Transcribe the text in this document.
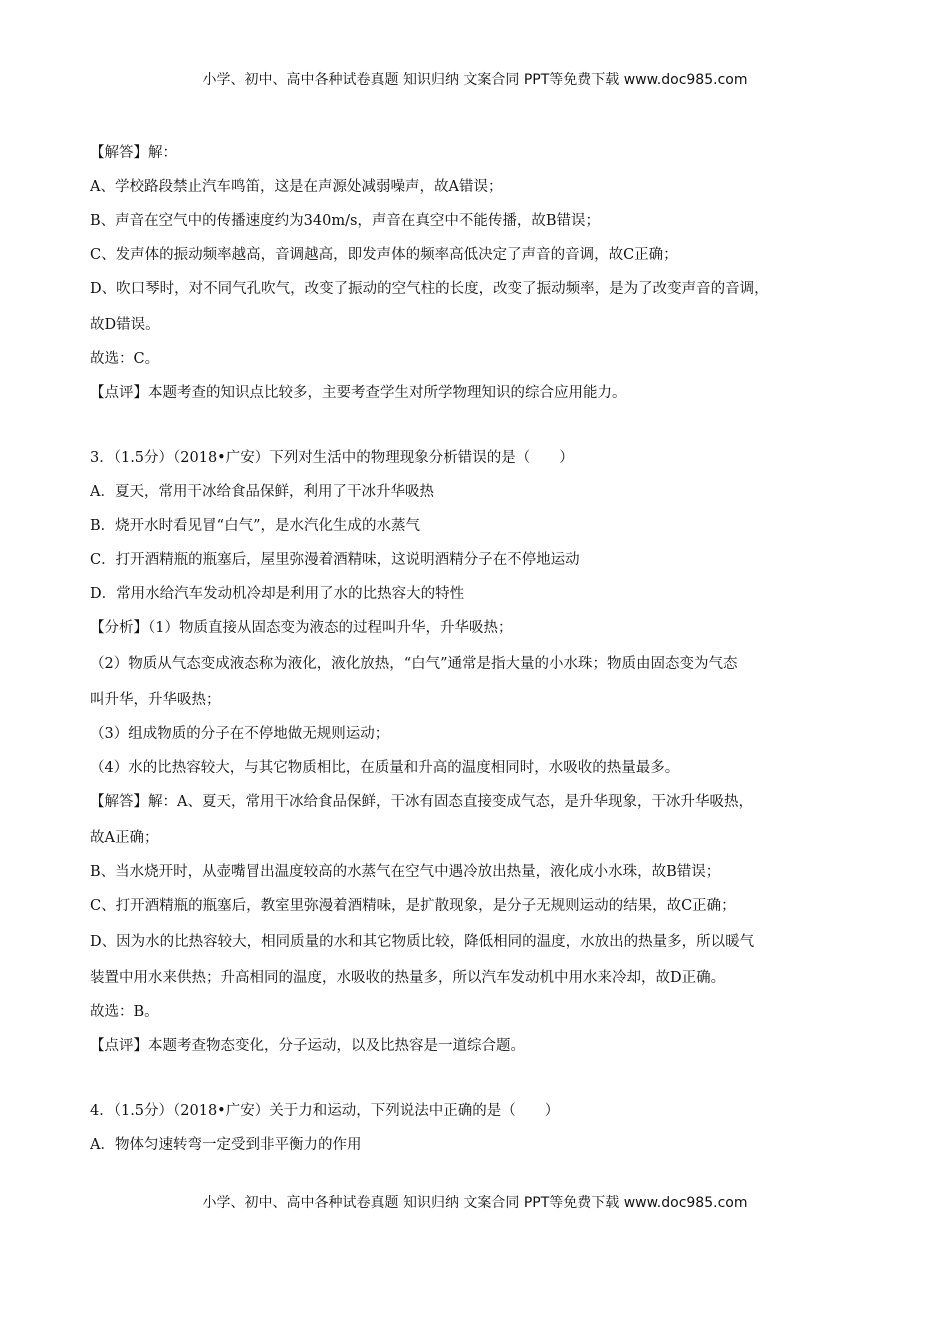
小学、初中、高中各种试卷真题 知识归纳 文案合同 PPT等免费下载 www.doc985.com
【解答】解：
A、学校路段禁止汽车鸣笛，这是在声源处减弱噪声，故A错误；
B、声音在空气中的传播速度约为340m/s，声音在真空中不能传播，故B错误；
C、发声体的振动频率越高，音调越高，即发声体的频率高低决定了声音的音调，故C正确；
D、吹口琴时，对不同气孔吹气，改变了振动的空气柱的长度，改变了振动频率，是为了改变声音的音调，
故D错误。
故选：C。
【点评】本题考查的知识点比较多，主要考查学生对所学物理知识的综合应用能力。
3．（1.5分）（2018•广安）下列对生活中的物理现象分析错误的是（　　）
A．夏天，常用干冰给食品保鲜，利用了干冰升华吸热
B．烧开水时看见冒“白气”，是水汽化生成的水蒸气
C．打开酒精瓶的瓶塞后，屋里弥漫着酒精味，这说明酒精分子在不停地运动
D．常用水给汽车发动机冷却是利用了水的比热容大的特性
【分析】（1）物质直接从固态变为液态的过程叫升华，升华吸热；
（2）物质从气态变成液态称为液化，液化放热，“白气”通常是指大量的小水珠；物质由固态变为气态
叫升华，升华吸热；
（3）组成物质的分子在不停地做无规则运动；
（4）水的比热容较大，与其它物质相比，在质量和升高的温度相同时，水吸收的热量最多。
【解答】解：A、夏天，常用干冰给食品保鲜，干冰有固态直接变成气态，是升华现象，干冰升华吸热，
故A正确；
B、当水烧开时，从壶嘴冒出温度较高的水蒸气在空气中遇冷放出热量，液化成小水珠，故B错误；
C、打开酒精瓶的瓶塞后，教室里弥漫着酒精味，是扩散现象，是分子无规则运动的结果，故C正确；
D、因为水的比热容较大，相同质量的水和其它物质比较，降低相同的温度，水放出的热量多，所以暖气
装置中用水来供热；升高相同的温度，水吸收的热量多，所以汽车发动机中用水来冷却，故D正确。
故选：B。
【点评】本题考查物态变化，分子运动，以及比热容是一道综合题。
4．（1.5分）（2018•广安）关于力和运动，下列说法中正确的是（　　）
A．物体匀速转弯一定受到非平衡力的作用
小学、初中、高中各种试卷真题 知识归纳 文案合同 PPT等免费下载 www.doc985.com
